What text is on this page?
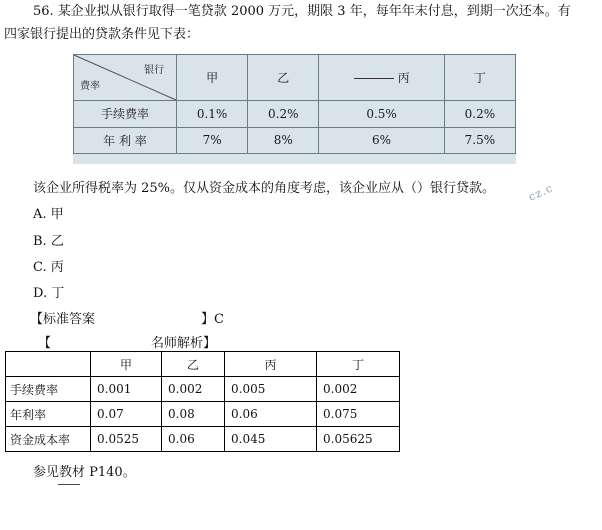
56. 某企业拟从银行取得一笔贷款 2000 万元，期限 3 年，每年年末付息，到期一次还本。有
四家银行提出的贷款条件见下表：
银行
费率	甲	乙	丙	丁
手续费率	0.1%	0.2%	0.5%	0.2%
年 利 率	7%	8%	6%	7.5%
cz.c
该企业所得税率为 25%。仅从资金成本的角度考虑，该企业应从（）银行贷款。
A. 甲
B. 乙
C. 丙
D. 丁
【标准答案	】C
【	名师解析】
	甲	乙	丙	丁
手续费率	0.001	0.002	0.005	0.002
年利率	0.07	0.08	0.06	0.075
资金成本率	0.0525	0.06	0.045	0.05625
参见教材 P140。
